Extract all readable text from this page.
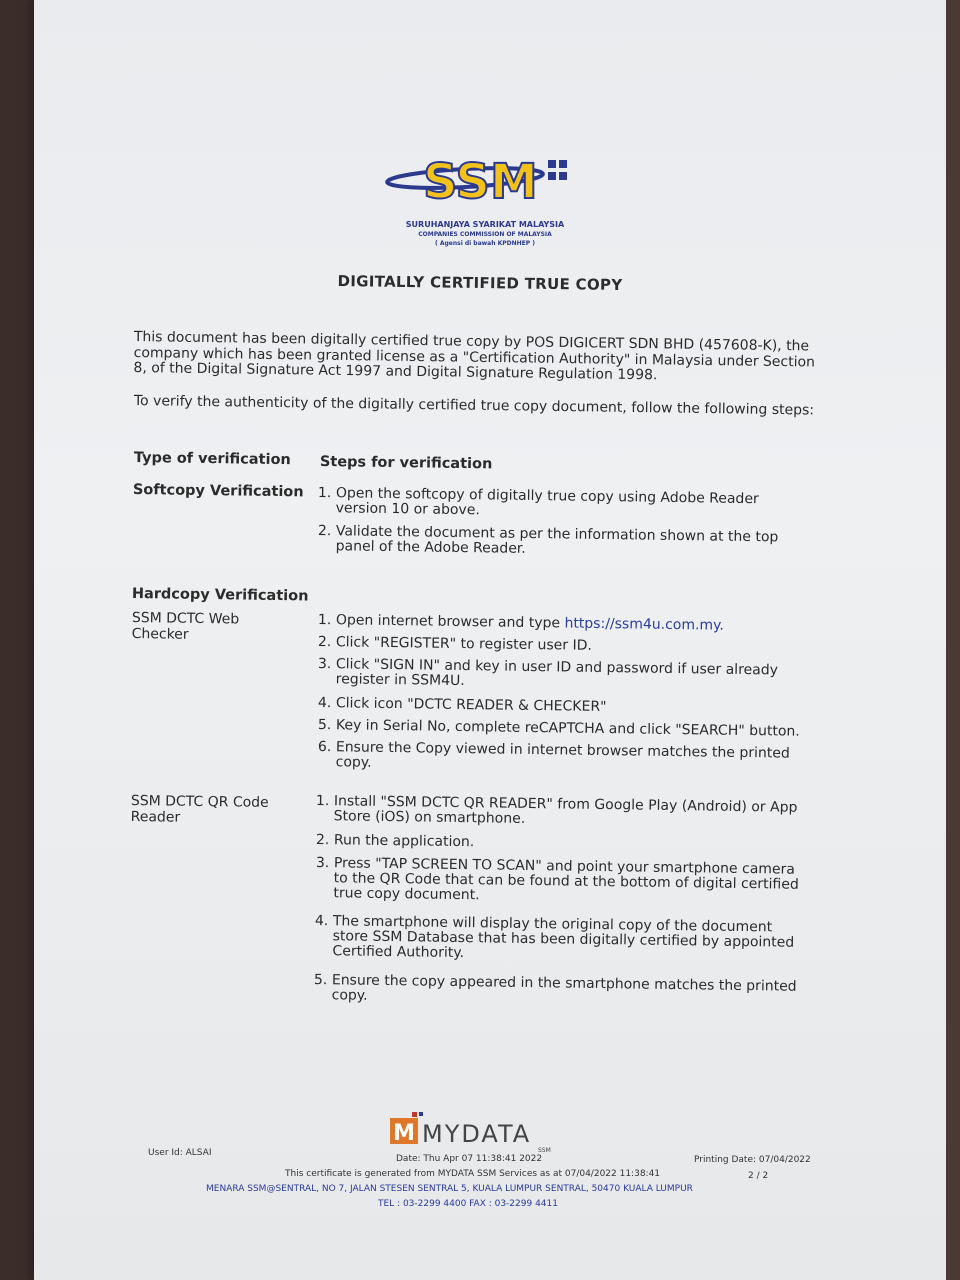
SSM
SURUHANJAYA SYARIKAT MALAYSIA
COMPANIES COMMISSION OF MALAYSIA
( Agensi di bawah KPDNHEP )
DIGITALLY CERTIFIED TRUE COPY
This document has been digitally certified true copy by POS DIGICERT SDN BHD (457608-K), the company which has been granted license as a "Certification Authority" in Malaysia under Section 8, of the Digital Signature Act 1997 and Digital Signature Regulation 1998.
To verify the authenticity of the digitally certified true copy document, follow the following steps:
Type of verification Steps for verification
Softcopy Verification 1. Open the softcopy of digitally true copy using Adobe Reader version 10 or above.
2. Validate the document as per the information shown at the top panel of the Adobe Reader.
Hardcopy Verification
SSM DCTC Web Checker
1. Open internet browser and type https://ssm4u.com.my.
2. Click "REGISTER" to register user ID.
3. Click "SIGN IN" and key in user ID and password if user already register in SSM4U.
4. Click icon "DCTC READER & CHECKER"
5. Key in Serial No, complete reCAPTCHA and click "SEARCH" button.
6. Ensure the Copy viewed in internet browser matches the printed copy.
SSM DCTC QR Code Reader
1. Install "SSM DCTC QR READER" from Google Play (Android) or App Store (iOS) on smartphone.
2. Run the application.
3. Press "TAP SCREEN TO SCAN" and point your smartphone camera to the QR Code that can be found at the bottom of digital certified true copy document.
4. The smartphone will display the original copy of the document store SSM Database that has been digitally certified by appointed Certified Authority.
5. Ensure the copy appeared in the smartphone matches the printed copy.
M MYDATA
SSM
User Id: ALSAI
Date: Thu Apr 07 11:38:41 2022	Printing Date: 07/04/2022
This certificate is generated from MYDATA SSM Services as at 07/04/2022 11:38:41	2 / 2
MENARA SSM@SENTRAL, NO 7, JALAN STESEN SENTRAL 5, KUALA LUMPUR SENTRAL, 50470 KUALA LUMPUR
TEL : 03-2299 4400 FAX : 03-2299 4411
